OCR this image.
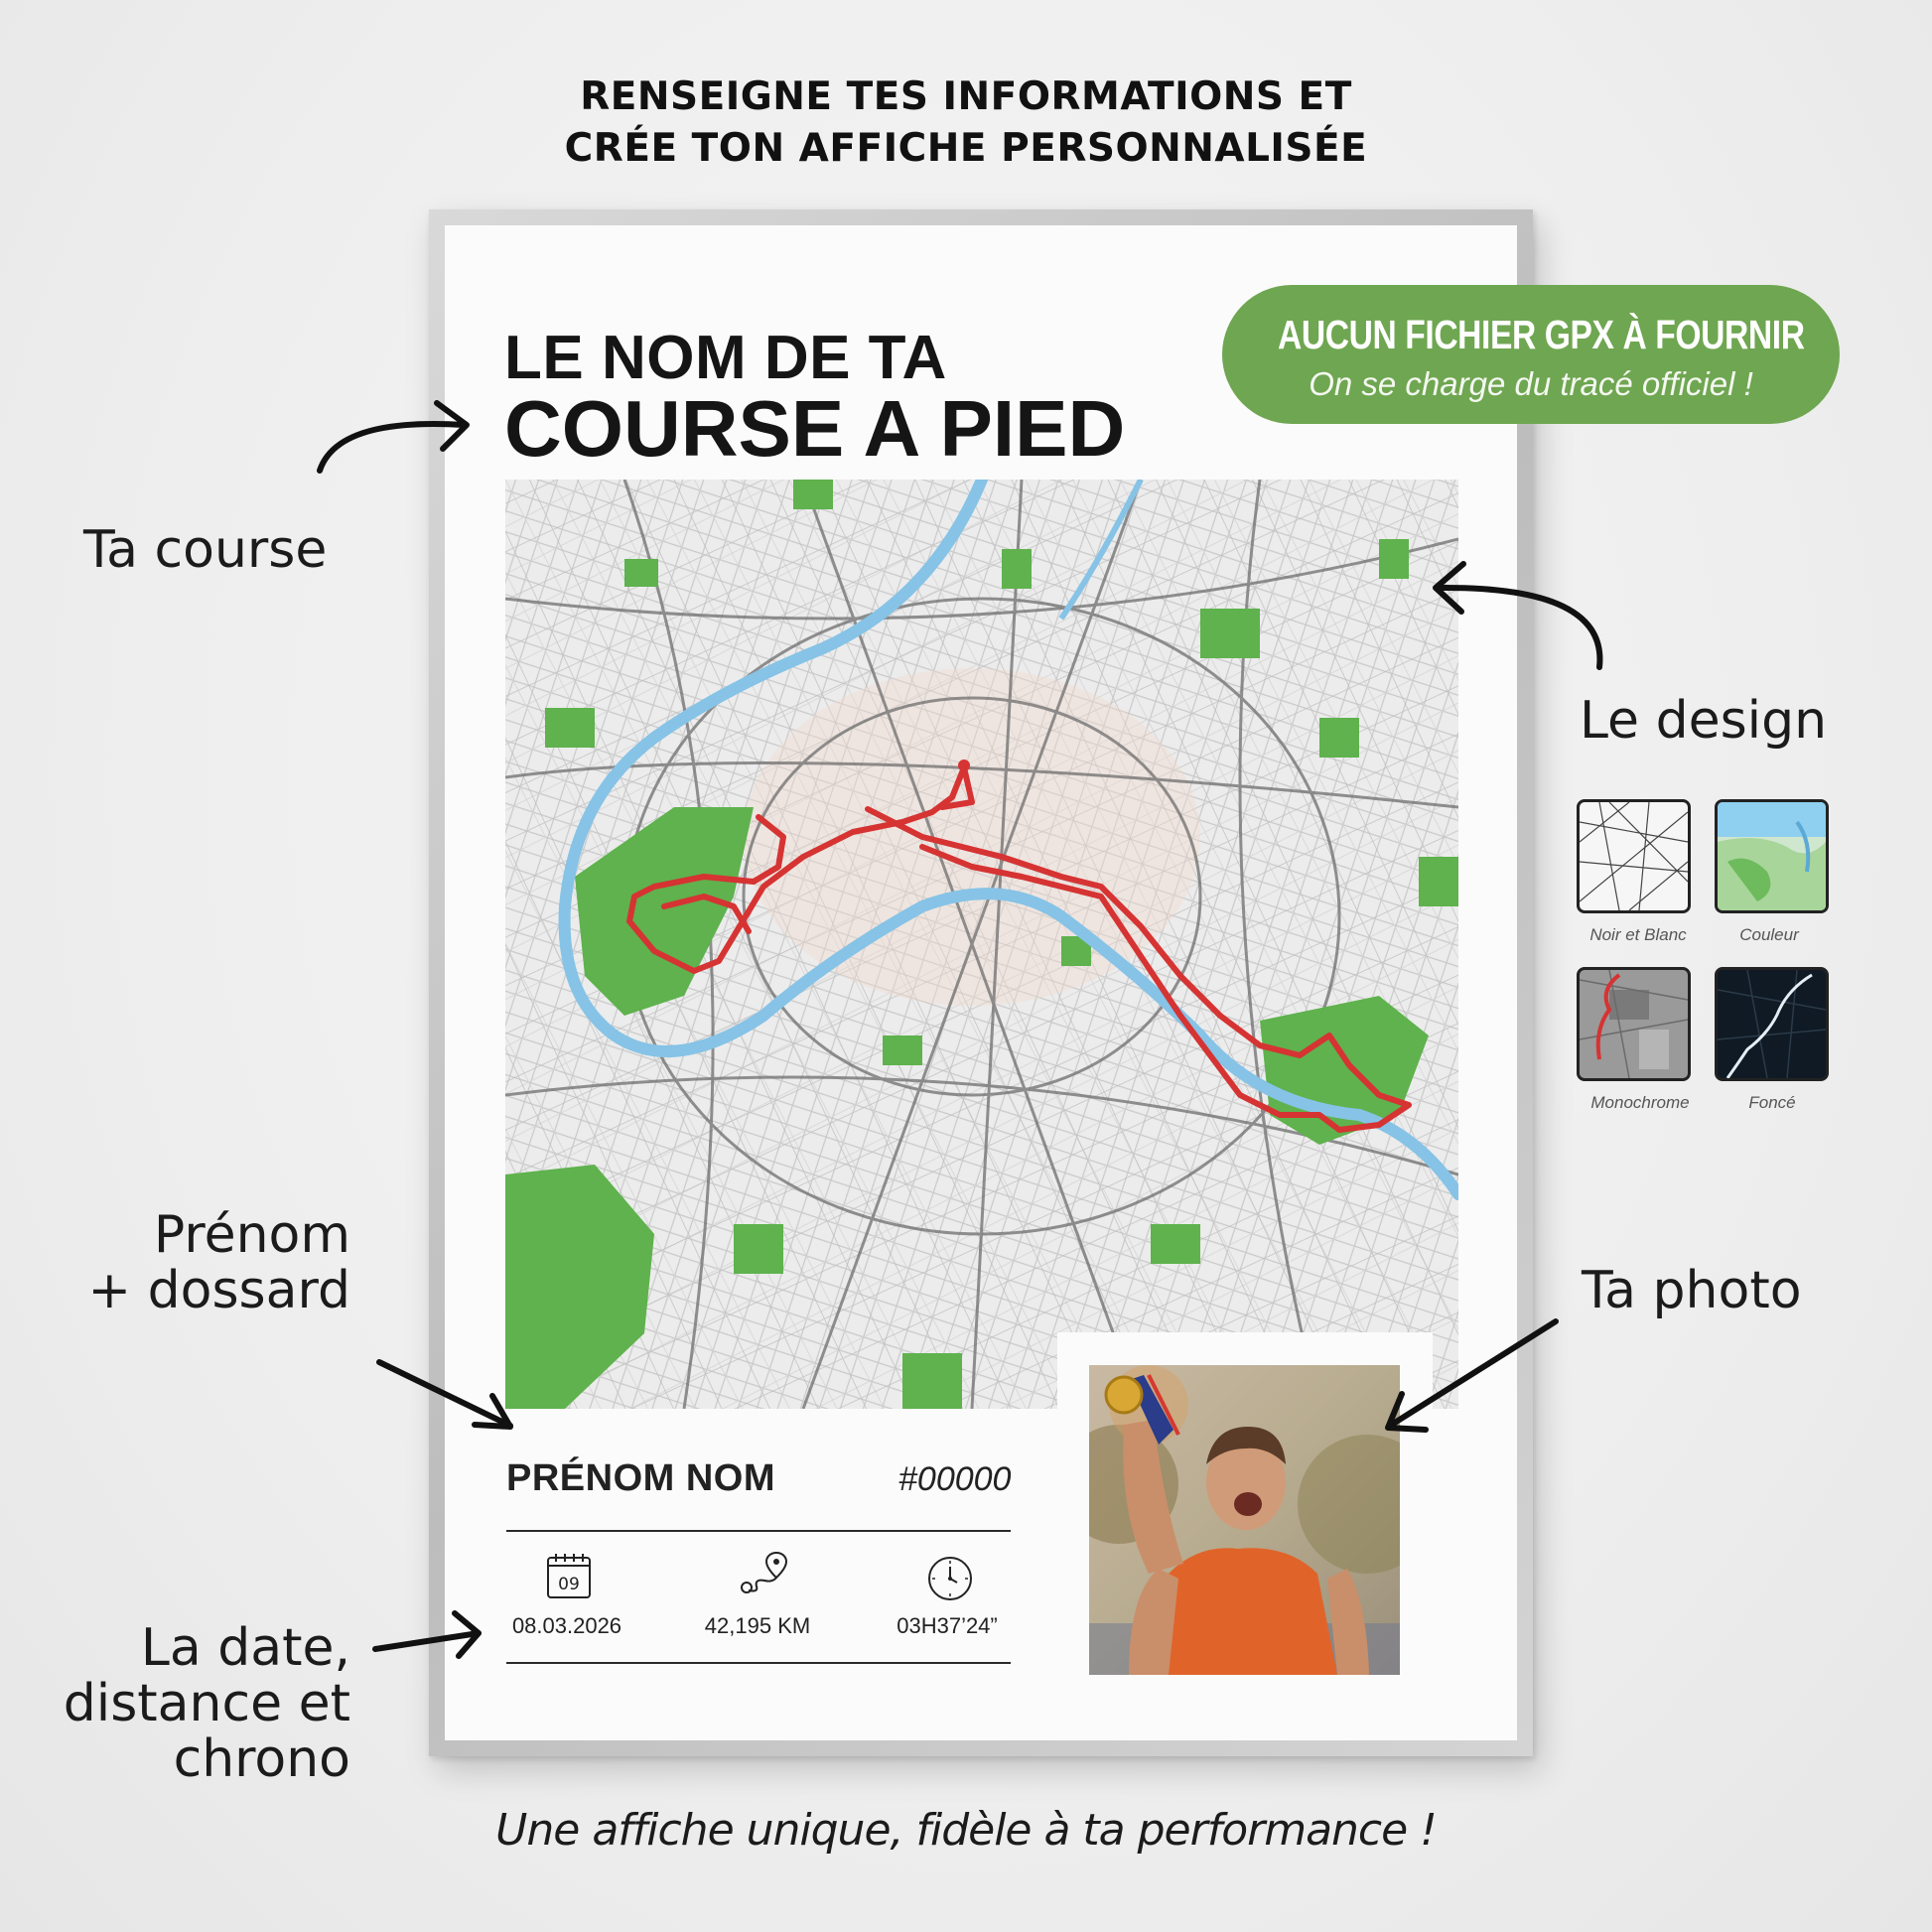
RENSEIGNE TES INFORMATIONS ET
CRÉE TON AFFICHE PERSONNALISÉE
LE NOM DE TA
COURSE A PIED
AUCUN FICHIER GPX À FOURNIR
On se charge du tracé officiel !
PRÉNOM NOM	#00000
09
08.03.2026	42,195 KM	03H37’24”
Ta course
Le design
Prénom
+ dossard	Ta photo
La date,
distance et
chrono
Noir et Blanc	Couleur
Monochrome	Foncé
Une affiche unique, fidèle à ta performance !
